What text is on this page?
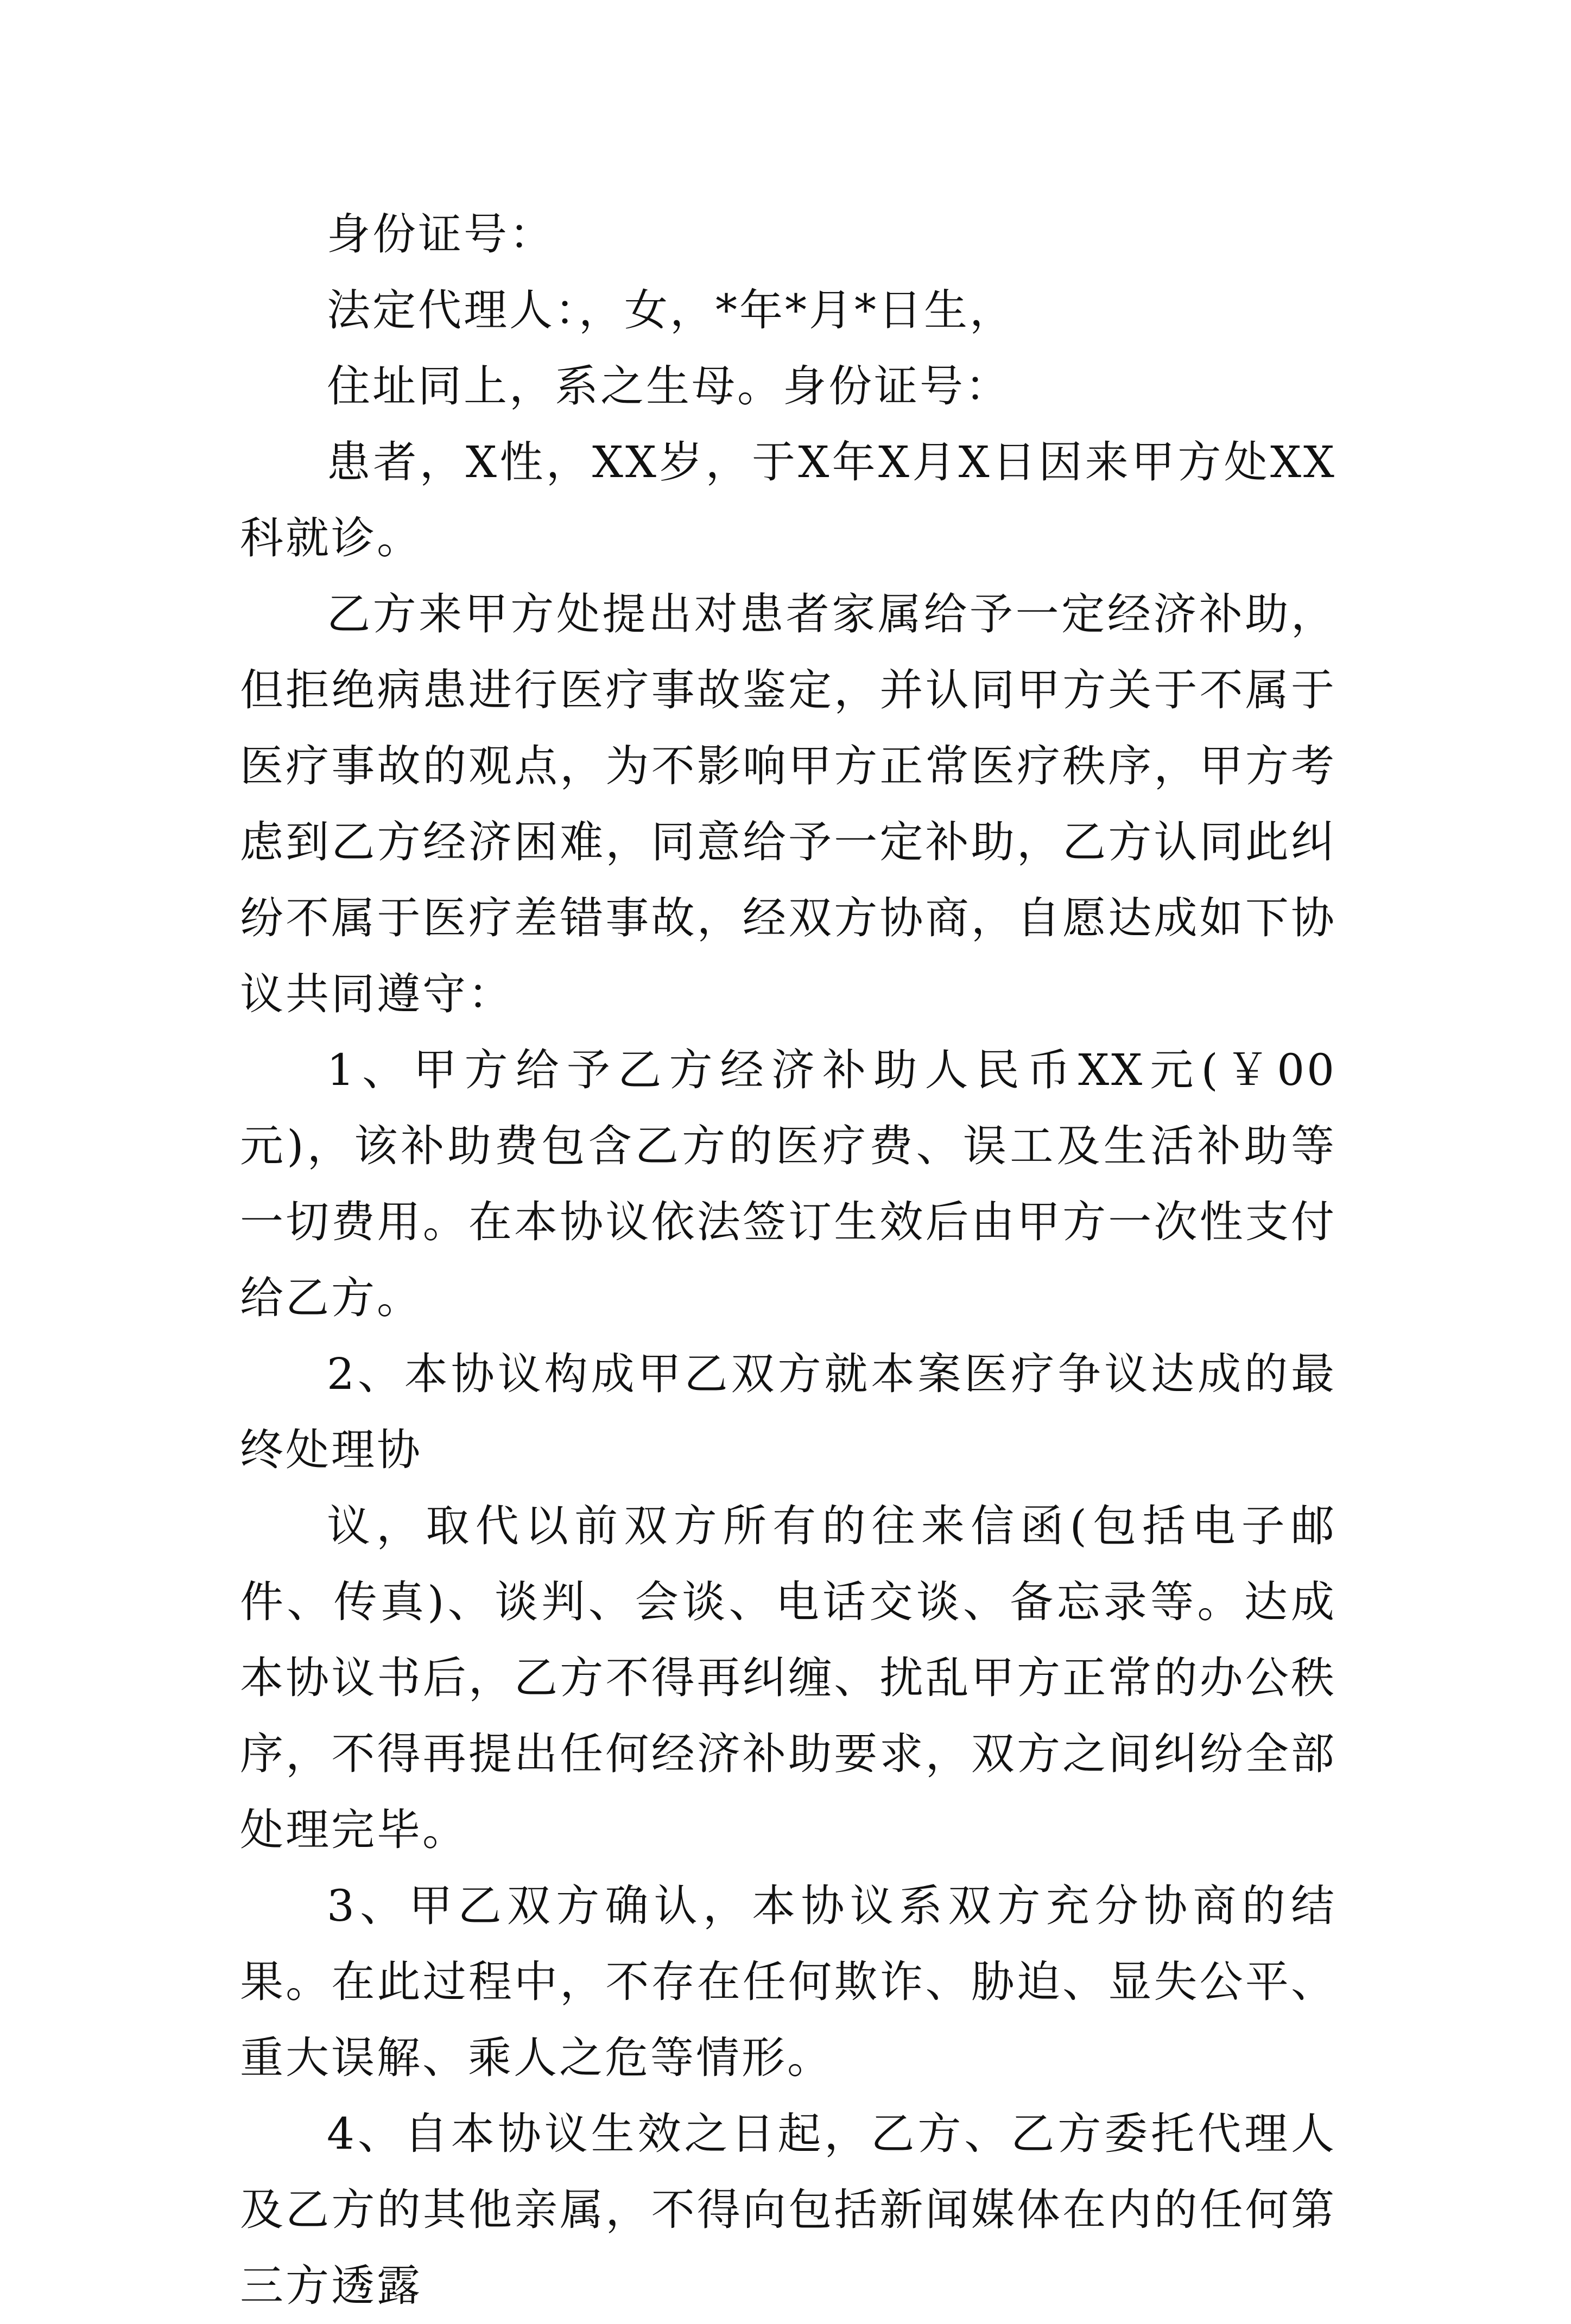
身份证号：

法定代理人：，女，*年*月*日生，

住址同上，系之生母。身份证号：

患者，X性，XX岁，于X年X月X日因来甲方处XX科就诊。

乙方来甲方处提出对患者家属给予一定经济补助，但拒绝病患进行医疗事故鉴定，并认同甲方关于不属于医疗事故的观点，为不影响甲方正常医疗秩序，甲方考虑到乙方经济困难，同意给予一定补助，乙方认同此纠纷不属于医疗差错事故，经双方协商，自愿达成如下协议共同遵守：

1、甲方给予乙方经济补助人民币XX元(￥00元)，该补助费包含乙方的医疗费、误工及生活补助等一切费用。在本协议依法签订生效后由甲方一次性支付给乙方。

2、本协议构成甲乙双方就本案医疗争议达成的最终处理协

议，取代以前双方所有的往来信函(包括电子邮件、传真)、谈判、会谈、电话交谈、备忘录等。达成本协议书后，乙方不得再纠缠、扰乱甲方正常的办公秩序，不得再提出任何经济补助要求，双方之间纠纷全部处理完毕。

3、甲乙双方确认，本协议系双方充分协商的结果。在此过程中，不存在任何欺诈、胁迫、显失公平、重大误解、乘人之危等情形。

4、自本协议生效之日起，乙方、乙方委托代理人及乙方的其他亲属，不得向包括新闻媒体在内的任何第三方透露
